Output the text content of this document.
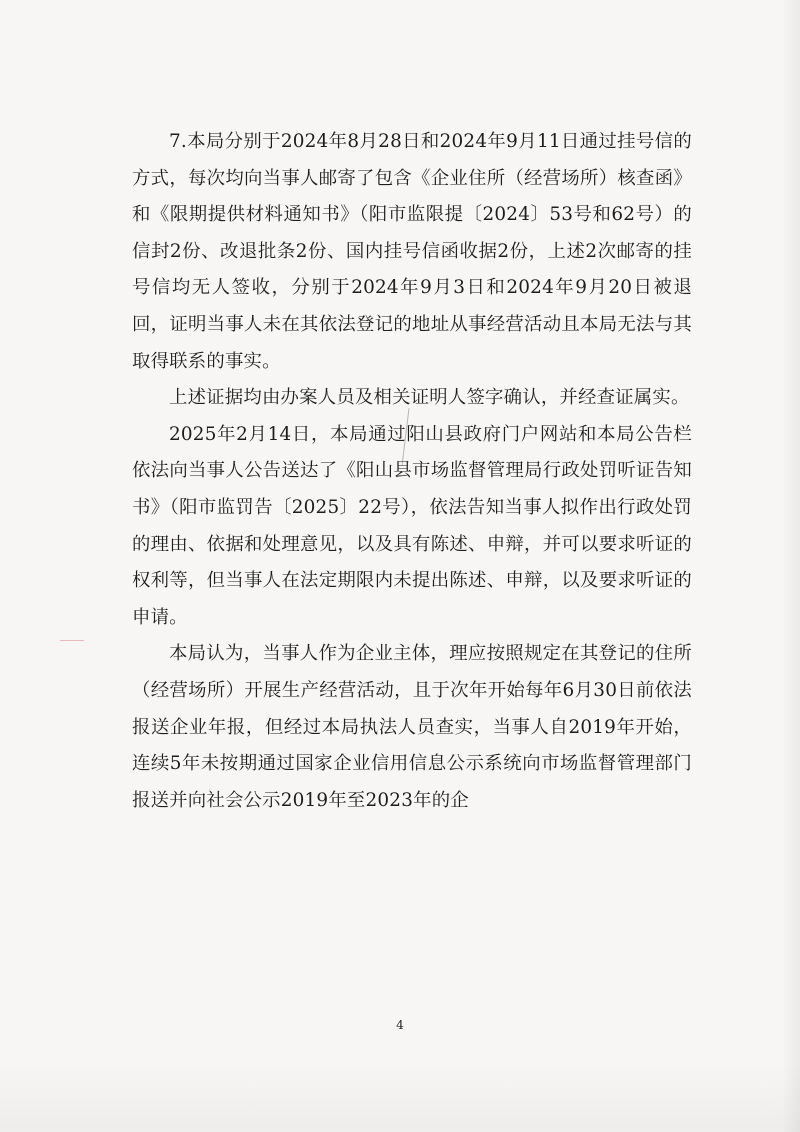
7.本局分别于2024年8月28日和2024年9月11日通过挂号信的方式，每次均向当事人邮寄了包含《企业住所（经营场所）核查函》和《限期提供材料通知书》（阳市监限提〔2024〕53号和62号）的信封2份、改退批条2份、国内挂号信函收据2份，上述2次邮寄的挂号信均无人签收，分别于2024年9月3日和2024年9月20日被退回，证明当事人未在其依法登记的地址从事经营活动且本局无法与其取得联系的事实。

上述证据均由办案人员及相关证明人签字确认，并经查证属实。

2025年2月14日，本局通过阳山县政府门户网站和本局公告栏依法向当事人公告送达了《阳山县市场监督管理局行政处罚听证告知书》（阳市监罚告〔2025〕22号），依法告知当事人拟作出行政处罚的理由、依据和处理意见，以及具有陈述、申辩，并可以要求听证的权利等，但当事人在法定期限内未提出陈述、申辩，以及要求听证的申请。

本局认为，当事人作为企业主体，理应按照规定在其登记的住所（经营场所）开展生产经营活动，且于次年开始每年6月30日前依法报送企业年报，但经过本局执法人员查实，当事人自2019年开始，连续5年未按期通过国家企业信用信息公示系统向市场监督管理部门报送并向社会公示2019年至2023年的企

4
